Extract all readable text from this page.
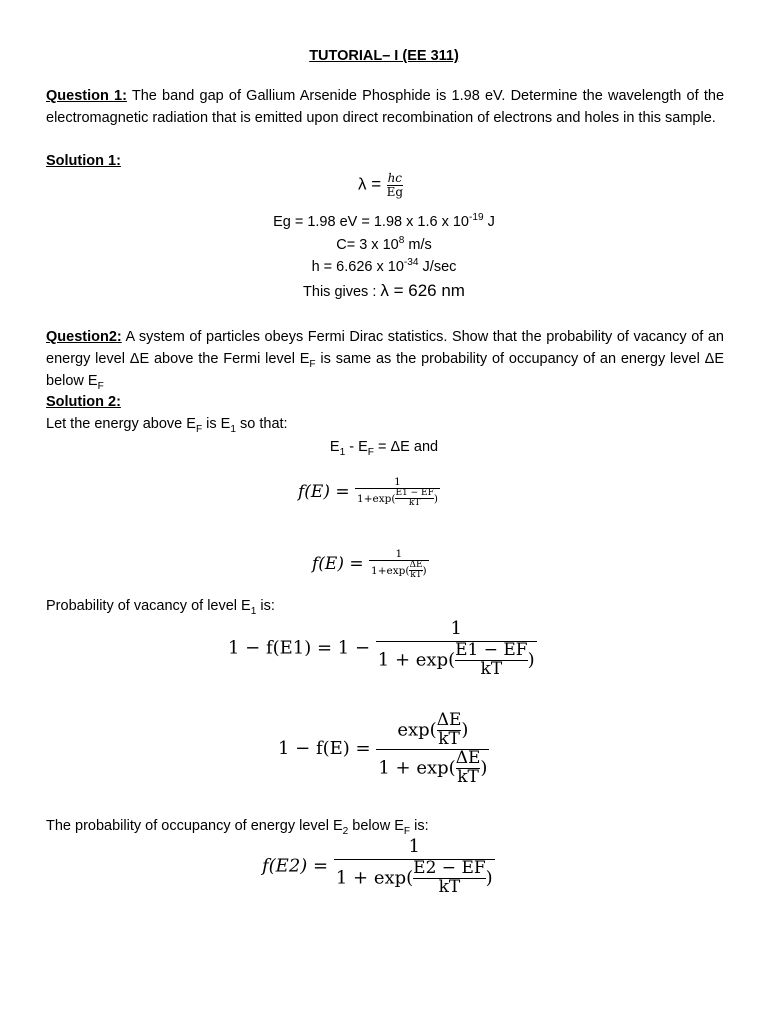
TUTORIAL– I (EE 311)
Question 1: The band gap of Gallium Arsenide Phosphide is 1.98 eV. Determine the wavelength of the electromagnetic radiation that is emitted upon direct recombination of electrons and holes in this sample.
Solution 1:
$\lambda = \frac{\text{ℎc}}{Eg}$
Eg = 1.98 eV = 1.98 x 1.6 x $10^{-19}$ J
C= 3 x $10^8$ m/s
h = 6.626 x $10^{-34}$ J/sec
This gives : λ = 626 nm
Question2: A system of particles obeys Fermi Dirac statistics. Show that the probability of vacancy of an energy level ΔE above the Fermi level $E_F$ is same as the probability of occupancy of an energy level ΔE below $E_F$
Solution 2:
Let the energy above $E_F$ is $E_1$ so that:
$E_1 - E_F = \Delta E$ and
$f(E) = \frac{1}{1+\exp( \frac{E1 - EF}{kT} )}$
$f(E) = \frac{1}{1+\exp( \frac{\Delta E}{kT} )}$
Probability of vacancy of level $E_1$ is:
$1 - f(E1) = 1 - \frac{1}{1 + \exp( \frac{E1 - EF}{kT} )}$
$1 - f(E) = \frac{\exp( \frac{\Delta E}{kT} )}{1 + \exp( \frac{\Delta E}{kT} )}$
The probability of occupancy of energy level $E_2$ below $E_F$ is:
$f(E2) = \frac{1}{1 + \exp( \frac{E2 - EF}{kT} )}$
